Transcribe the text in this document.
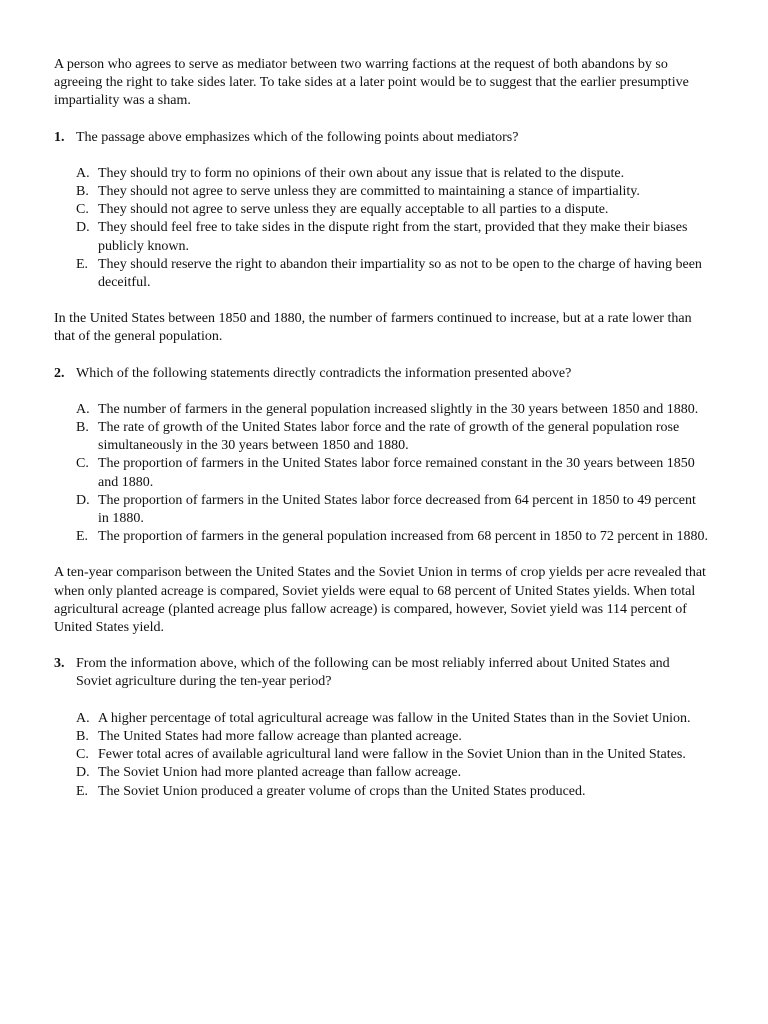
A person who agrees to serve as mediator between two warring factions at the request of both abandons by so agreeing the right to take sides later. To take sides at a later point would be to suggest that the earlier presumptive impartiality was a sham.

1. The passage above emphasizes which of the following points about mediators?
A. They should try to form no opinions of their own about any issue that is related to the dispute.
B. They should not agree to serve unless they are committed to maintaining a stance of impartiality.
C. They should not agree to serve unless they are equally acceptable to all parties to a dispute.
D. They should feel free to take sides in the dispute right from the start, provided that they make their biases publicly known.
E. They should reserve the right to abandon their impartiality so as not to be open to the charge of having been deceitful.

In the United States between 1850 and 1880, the number of farmers continued to increase, but at a rate lower than that of the general population.

2. Which of the following statements directly contradicts the information presented above?
A. The number of farmers in the general population increased slightly in the 30 years between 1850 and 1880.
B. The rate of growth of the United States labor force and the rate of growth of the general population rose simultaneously in the 30 years between 1850 and 1880.
C. The proportion of farmers in the United States labor force remained constant in the 30 years between 1850 and 1880.
D. The proportion of farmers in the United States labor force decreased from 64 percent in 1850 to 49 percent in 1880.
E. The proportion of farmers in the general population increased from 68 percent in 1850 to 72 percent in 1880.

A ten-year comparison between the United States and the Soviet Union in terms of crop yields per acre revealed that when only planted acreage is compared, Soviet yields were equal to 68 percent of United States yields. When total agricultural acreage (planted acreage plus fallow acreage) is compared, however, Soviet yield was 114 percent of United States yield.

3. From the information above, which of the following can be most reliably inferred about United States and Soviet agriculture during the ten-year period?
A. A higher percentage of total agricultural acreage was fallow in the United States than in the Soviet Union.
B. The United States had more fallow acreage than planted acreage.
C. Fewer total acres of available agricultural land were fallow in the Soviet Union than in the United States.
D. The Soviet Union had more planted acreage than fallow acreage.
E. The Soviet Union produced a greater volume of crops than the United States produced.
